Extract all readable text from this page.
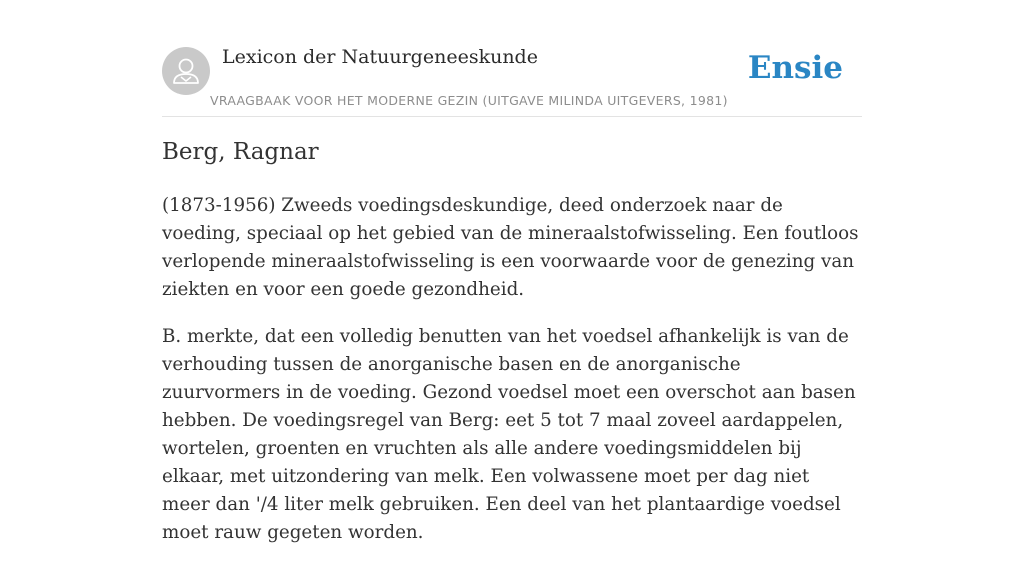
Lexicon der Natuurgeneeskunde
VRAAGBAAK VOOR HET MODERNE GEZIN (UITGAVE MILINDA UITGEVERS, 1981)
Ensie
Berg, Ragnar

(1873-1956) Zweeds voedingsdeskundige, deed onderzoek naar de voeding, speciaal op het gebied van de mineraalstofwisseling. Een foutloos verlopende mineraalstofwisseling is een voorwaarde voor de genezing van ziekten en voor een goede gezondheid.

B. merkte, dat een volledig benutten van het voedsel afhankelijk is van de verhouding tussen de anorganische basen en de anorganische zuurvormers in de voeding. Gezond voedsel moet een overschot aan basen hebben. De voedingsregel van Berg: eet 5 tot 7 maal zoveel aardappelen, wortelen, groenten en vruchten als alle andere voedingsmiddelen bij elkaar, met uitzondering van melk. Een volwassene moet per dag niet meer dan '/4 liter melk gebruiken. Een deel van het plantaardige voedsel moet rauw gegeten worden.
